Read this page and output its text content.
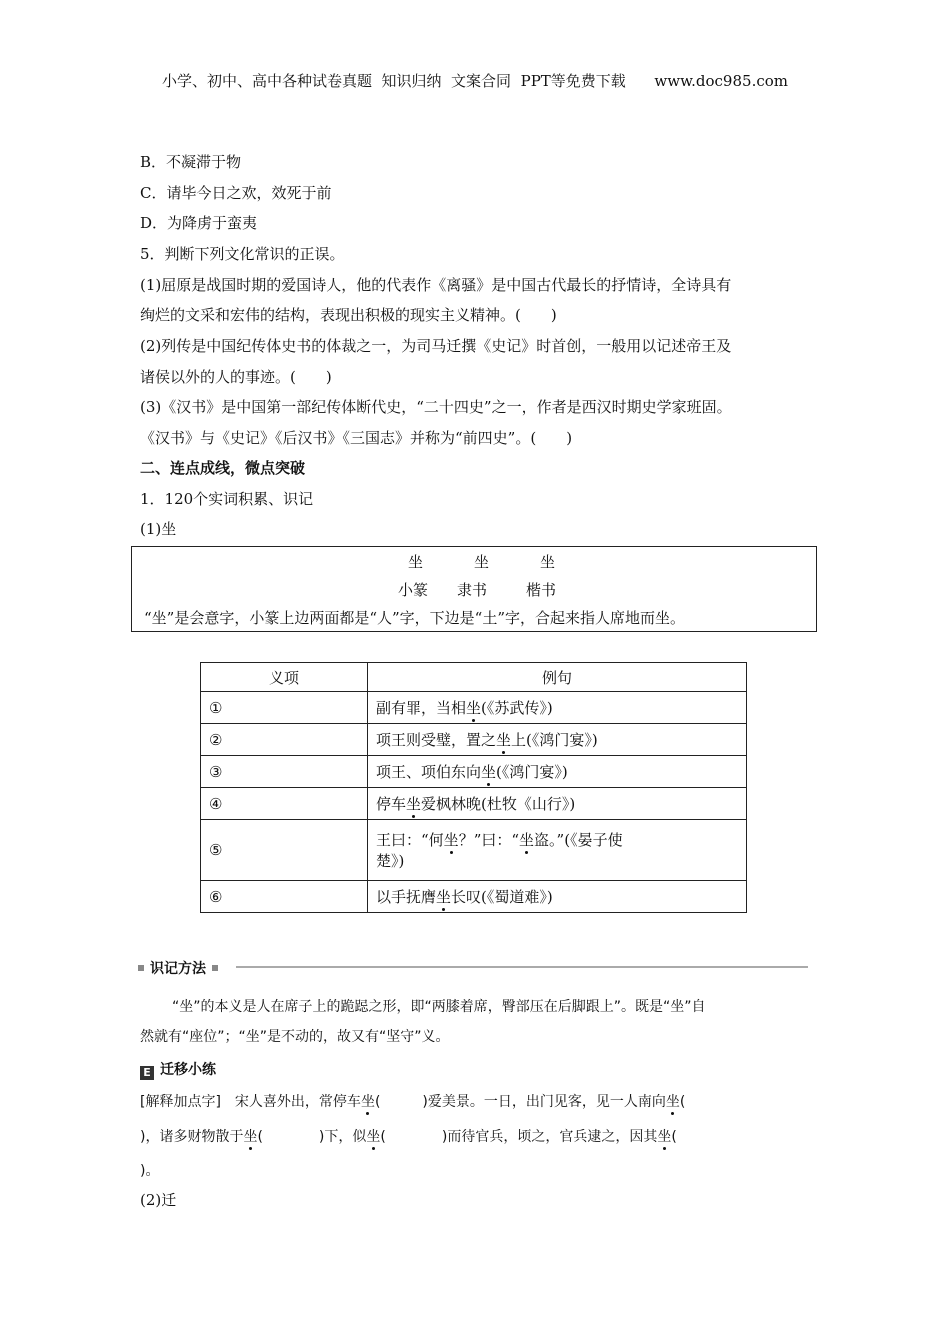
小学、初中、高中各种试卷真题  知识归纳  文案合同  PPT等免费下载      www.doc985.com
B．不凝滞于物
C．请毕今日之欢，效死于前
D．为降虏于蛮夷
5．判断下列文化常识的正误。
(1)屈原是战国时期的爱国诗人，他的代表作《离骚》是中国古代最长的抒情诗，全诗具有
绚烂的文采和宏伟的结构，表现出积极的现实主义精神。(　　)
(2)列传是中国纪传体史书的体裁之一，为司马迁撰《史记》时首创，一般用以记述帝王及
诸侯以外的人的事迹。(　　)
(3)《汉书》是中国第一部纪传体断代史，“二十四史”之一，作者是西汉时期史学家班固。
《汉书》与《史记》《后汉书》《三国志》并称为“前四史”。(　　)
二、连点成线，微点突破
1．120个实词积累、识记
(1)坐
坐	坐	坐
小篆 隶书	楷书
“坐”是会意字，小篆上边两面都是“人”字，下边是“土”字，合起来指人席地而坐。
义项	例句
①	副有罪，当相坐(《苏武传》)
②	项王则受璧，置之坐上(《鸿门宴》)
③	项王、项伯东向坐(《鸿门宴》)
④	停车坐爱枫林晚(杜牧《山行》)
⑤	王曰：“何坐？”曰：“坐盗。”(《晏子使
楚》)
⑥	以手抚膺坐长叹(《蜀道难》)
识记方法
“坐”的本义是人在席子上的跪跽之形，即“两膝着席，臀部压在后脚跟上”。既是“坐”自
然就有“座位”；“坐”是不动的，故又有“坚守”义。
E 迁移小练
[解释加点字]　宋人喜外出，常停车坐(　　　)爱美景。一日，出门见客，见一人南向坐(
)，诸多财物散于坐(　　　　)下，似坐(　　　　)而待官兵，顷之，官兵逮之，因其坐(
)。
(2)迁
